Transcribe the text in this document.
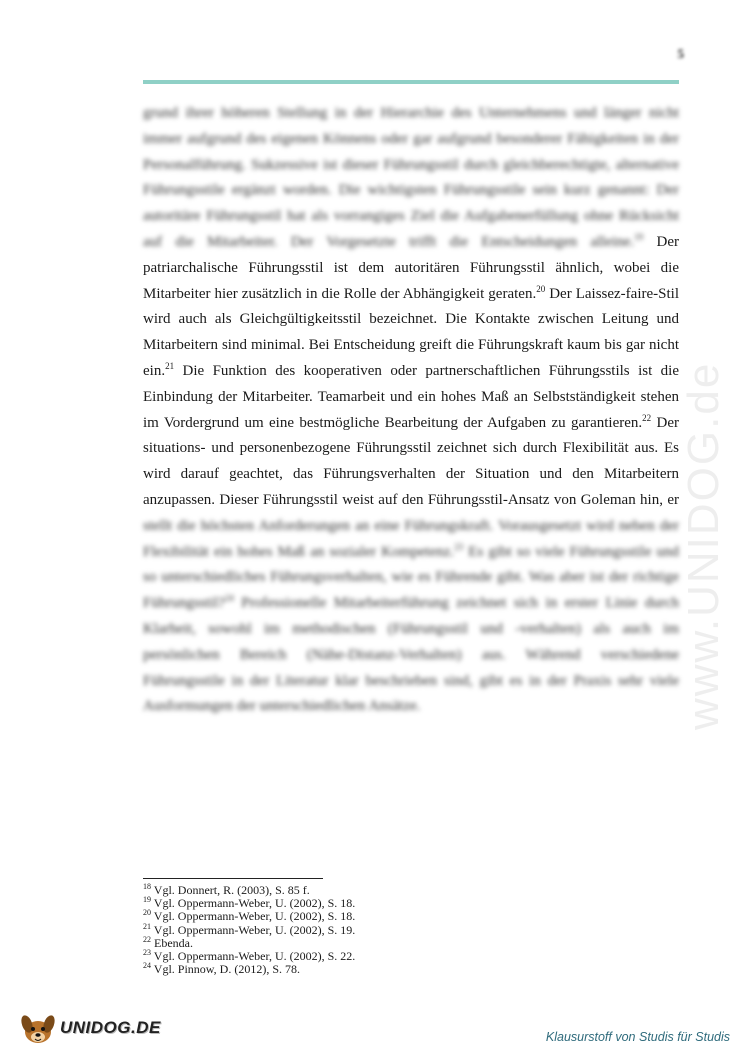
5
www.UNIDOG.de

grund ihrer höheren Stellung in der Hierarchie des Unternehmens und länger nicht immer aufgrund des eigenen Könnens oder gar aufgrund besonderer Fähigkeiten in der Personalführung. Sukzessive ist dieser Führungsstil durch gleichberechtigte, alternative Führungsstile ergänzt worden. Die wichtigsten Führungsstile sein kurz genannt: Der autoritäre Führungsstil hat als vorrangiges Ziel die Aufgabenerfüllung ohne Rücksicht auf die Mitarbeiter. Der Vorgesetzte trifft die Entscheidungen alleine.$^{19}$ Der patriarchalische Führungsstil ist dem autoritären Führungsstil ähnlich, wobei die Mitarbeiter hier zusätzlich in die Rolle der Abhängigkeit geraten.$^{20}$ Der Laissez-faire-Stil wird auch als Gleichgültigkeitsstil bezeichnet. Die Kontakte zwischen Leitung und Mitarbeitern sind minimal. Bei Entscheidung greift die Führungskraft kaum bis gar nicht ein.$^{21}$ Die Funktion des kooperativen oder partnerschaftlichen Führungsstils ist die Einbindung der Mitarbeiter. Teamarbeit und ein hohes Maß an Selbstständigkeit stehen im Vordergrund um eine bestmögliche Bearbeitung der Aufgaben zu garantieren.$^{22}$ Der situations- und personenbezogene Führungsstil zeichnet sich durch Flexibilität aus. Es wird darauf geachtet, das Führungsverhalten der Situation und den Mitarbeitern anzupassen. Dieser Führungsstil weist auf den Führungsstil-Ansatz von Goleman hin, er stellt die höchsten Anforderungen an eine Führungskraft. Vorausgesetzt wird neben der Flexibilität ein hohes Maß an sozialer Kompetenz.$^{23}$ Es gibt so viele Führungsstile und so unterschiedliches Führungsverhalten, wie es Führende gibt. Was aber ist der richtige Führungsstil?$^{24}$ Professionelle Mitarbeiterführung zeichnet sich in erster Linie durch Klarheit, sowohl im methodischen (Führungsstil und -verhalten) als auch im persönlichen Bereich (Nähe-Distanz-Verhalten) aus. Während verschiedene Führungsstile in der Literatur klar beschrieben sind, gibt es in der Praxis sehr viele Ausformungen der unterschiedlichen Ansätze.

$^{18}$ Vgl. Donnert, R. (2003), S. 85 f.
$^{19}$ Vgl. Oppermann-Weber, U. (2002), S. 18.
$^{20}$ Vgl. Oppermann-Weber, U. (2002), S. 18.
$^{21}$ Vgl. Oppermann-Weber, U. (2002), S. 19.
$^{22}$ Ebenda.
$^{23}$ Vgl. Oppermann-Weber, U. (2002), S. 22.
$^{24}$ Vgl. Pinnow, D. (2012), S. 78.
UNIDOG.DE	Klausurstoff von Studis für Studis
